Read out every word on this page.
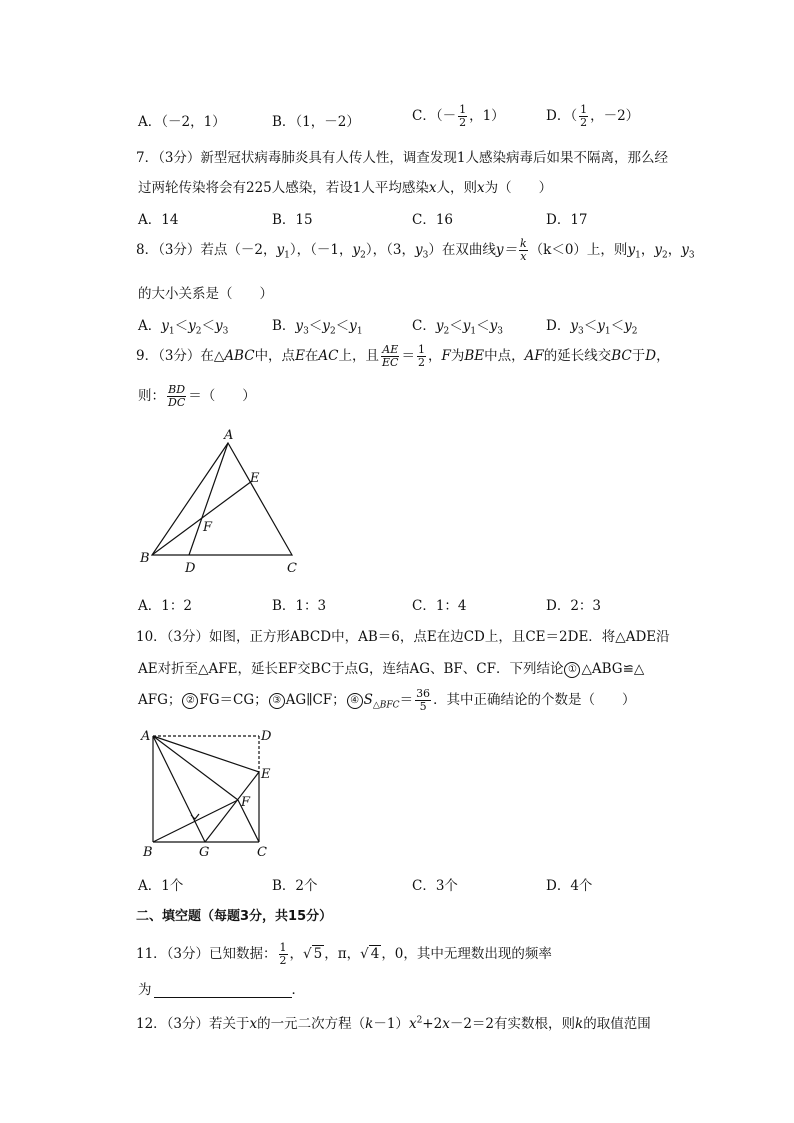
A．（－2，1）	B．（1，－2）	C．（－ $\frac{1}{2}$ ，1）	D．（ $\frac{1}{2}$ ，－2）
7．（3分）新型冠状病毒肺炎具有人传人性，调查发现1人感染病毒后如果不隔离，那么经
过两轮传染将会有225人感染，若设1人平均感染x人，则x为（　　）
A．14	B．15	C．16	D．17
8．（3分）若点（－2，$y_1$），（－1，$y_2$），（3，$y_3$）在双曲线$y= \frac{k}{x} (k<0)$上，则$y_1$，$y_2$，$y_3$
的大小关系是（　　）
A．$y_1<y_2<y_3$	B．$y_3<y_2<y_1$	C．$y_2<y_1<y_3$	D．$y_3<y_1<y_2$
9．（3分）在△ABC中，点E在AC上，且 $\frac{AE}{EC} = \frac{1}{2}$ ，F为BE中点，AF的延长线交BC于D，
则： $\frac{BD}{DC}$ ＝（　　）
A
B
C
D
E
F
A．1：2	B．1：3	C．1：4	D．2：3
10．（3分）如图，正方形ABCD中，AB＝6，点E在边CD上，且CE＝2DE．将△ADE沿
AE对折至△AFE，延长EF交BC于点G，连结AG、BF、CF．下列结论 ① △ABG≌△
AFG； ② FG＝CG； ③ AG∥CF； ④ $S_{\triangle BFC}= \frac{36}{5}$ ．其中正确结论的个数是（　　）
A	D
E
F
B	G	C
A．1个	B．2个	C．3个	D．4个
二、填空题（每题3分，共15分）
11．（3分）已知数据： $\frac{1}{2}$ ，√ 5 ，π，√ 4 ，0，其中无理数出现的频率
为	．
12．（3分）若关于x的一元二次方程$(k-1)x^2+2x-2=2$有实数根，则k的取值范围
